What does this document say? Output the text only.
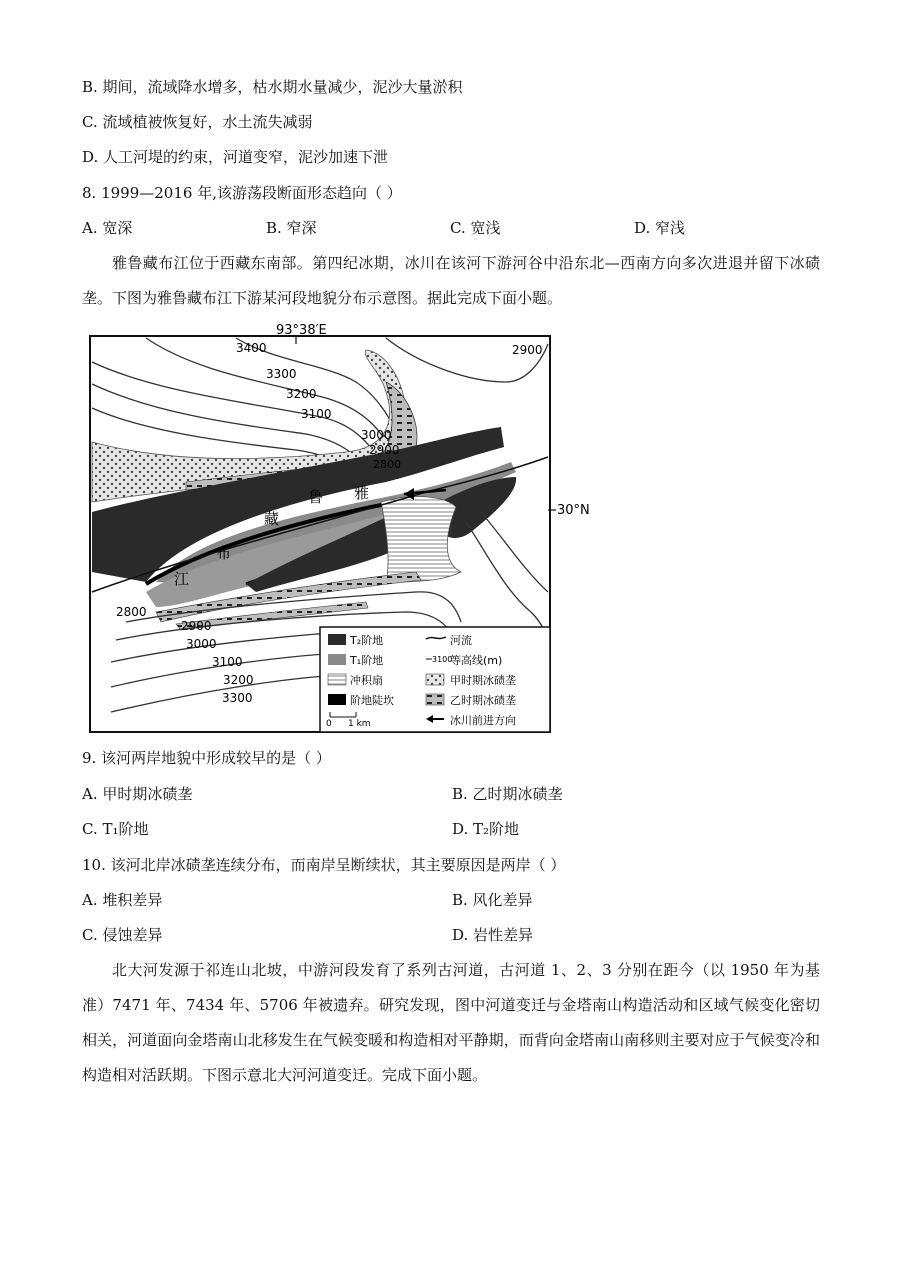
B. 期间，流域降水增多，枯水期水量减少，泥沙大量淤积
C. 流域植被恢复好，水土流失减弱
D. 人工河堤的约束，河道变窄，泥沙加速下泄
8. 1999—2016 年,该游荡段断面形态趋向（ ）
A. 宽深	B. 窄深	C. 宽浅	D. 窄浅
雅鲁藏布江位于西藏东南部。第四纪冰期，冰川在该河下游河谷中沿东北—西南方向多次进退并留下冰碛垄。下图为雅鲁藏布江下游某河段地貌分布示意图。据此完成下面小题。
3400
3300
3200
3100
3000
2900
2800
2900
2800
2900
3000
3100
3200
3300
93°38′E
30°N
雅
鲁
藏
布
江
T₂阶地
T₁阶地
冲积扇
阶地陡坎
0 1 km
河流
3100
等高线(m)
甲时期冰碛垄
乙时期冰碛垄
冰川前进方向
9. 该河两岸地貌中形成较早的是（ ）
A. 甲时期冰碛垄	B. 乙时期冰碛垄
C. T₁阶地	D. T₂阶地
10. 该河北岸冰碛垄连续分布，而南岸呈断续状，其主要原因是两岸（ ）
A. 堆积差异	B. 风化差异
C. 侵蚀差异	D. 岩性差异
北大河发源于祁连山北坡，中游河段发育了系列古河道，古河道 1、2、3 分别在距今（以 1950 年为基准）7471 年、7434 年、5706 年被遗弃。研究发现，图中河道变迁与金塔南山构造活动和区域气候变化密切相关，河道面向金塔南山北移发生在气候变暖和构造相对平静期，而背向金塔南山南移则主要对应于气候变冷和构造相对活跃期。下图示意北大河河道变迁。完成下面小题。
